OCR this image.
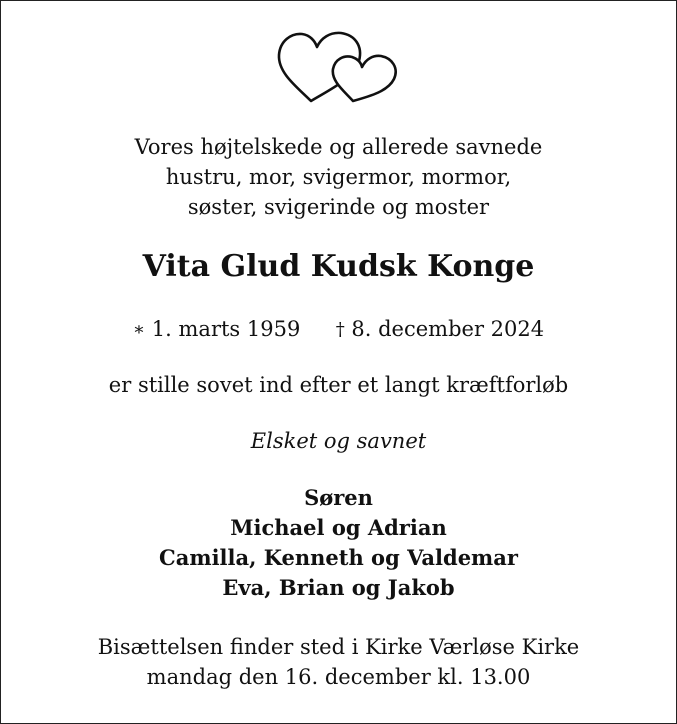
Vores højtelskede og allerede savnede
hustru, mor, svigermor, mormor,
søster, svigerinde og moster
Vita Glud Kudsk Konge
∗ 1. marts 1959 † 8. december 2024
er stille sovet ind efter et langt kræftforløb
Elsket og savnet
Søren
Michael og Adrian
Camilla, Kenneth og Valdemar
Eva, Brian og Jakob
Bisættelsen finder sted i Kirke Værløse Kirke
mandag den 16. december kl. 13.00
